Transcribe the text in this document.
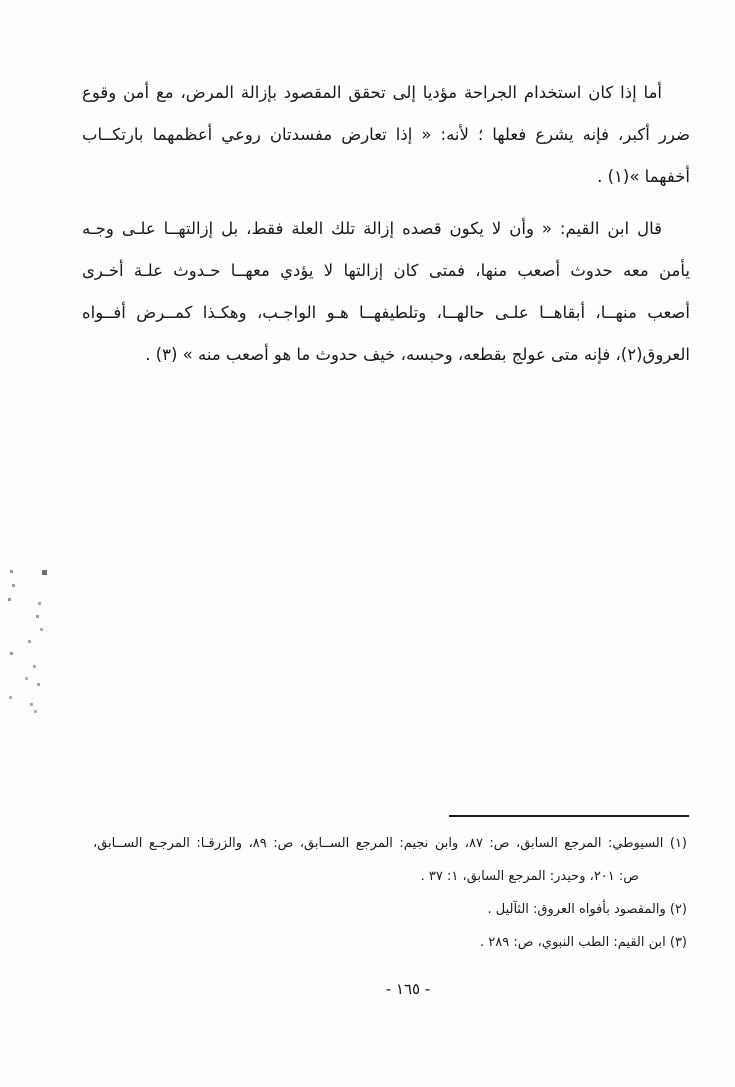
أما إذا كان استخدام الجراحة مؤديا إلى تحقق المقصود بإزالة المرض، مع أمن وقوع
ضرر أكبر، فإنه يشرع فعلها ؛ لأنه: « إذا تعارض مفسدتان روعي أعظمهما بارتكــاب
أخفهما »(١) .
قال ابن القيم: « وأن لا يكون قصده إزالة تلك العلة فقط، بل إزالتهــا علـى وجـه
يأمن معه حدوث أصعب منها، فمتى كان إزالتها لا يؤدي معهــا حـدوث علـة أخـرى
أصعب منهــا، أبقاهــا علـى حالهــا، وتلطيفهــا هـو الواجـب، وهكـذا كمــرض أفــواه
العروق(٢)، فإنه متى عولج بقطعه، وحبسه، خيف حدوث ما هو أصعب منه » (٣) .
(١) السيوطي: المرجع السابق، ص: ٨٧، وابن نجيم: المرجع الســابق، ص: ٨٩، والزرقـا: المرجـع الســابق،
ص: ٢٠١، وحيدر: المرجع السابق، ١: ٣٧ .
(٢) والمقصود بأفواه العروق: الثآليل .
(٣) ابن القيم: الطب النبوي، ص: ٢٨٩ .
- ١٦٥ -
